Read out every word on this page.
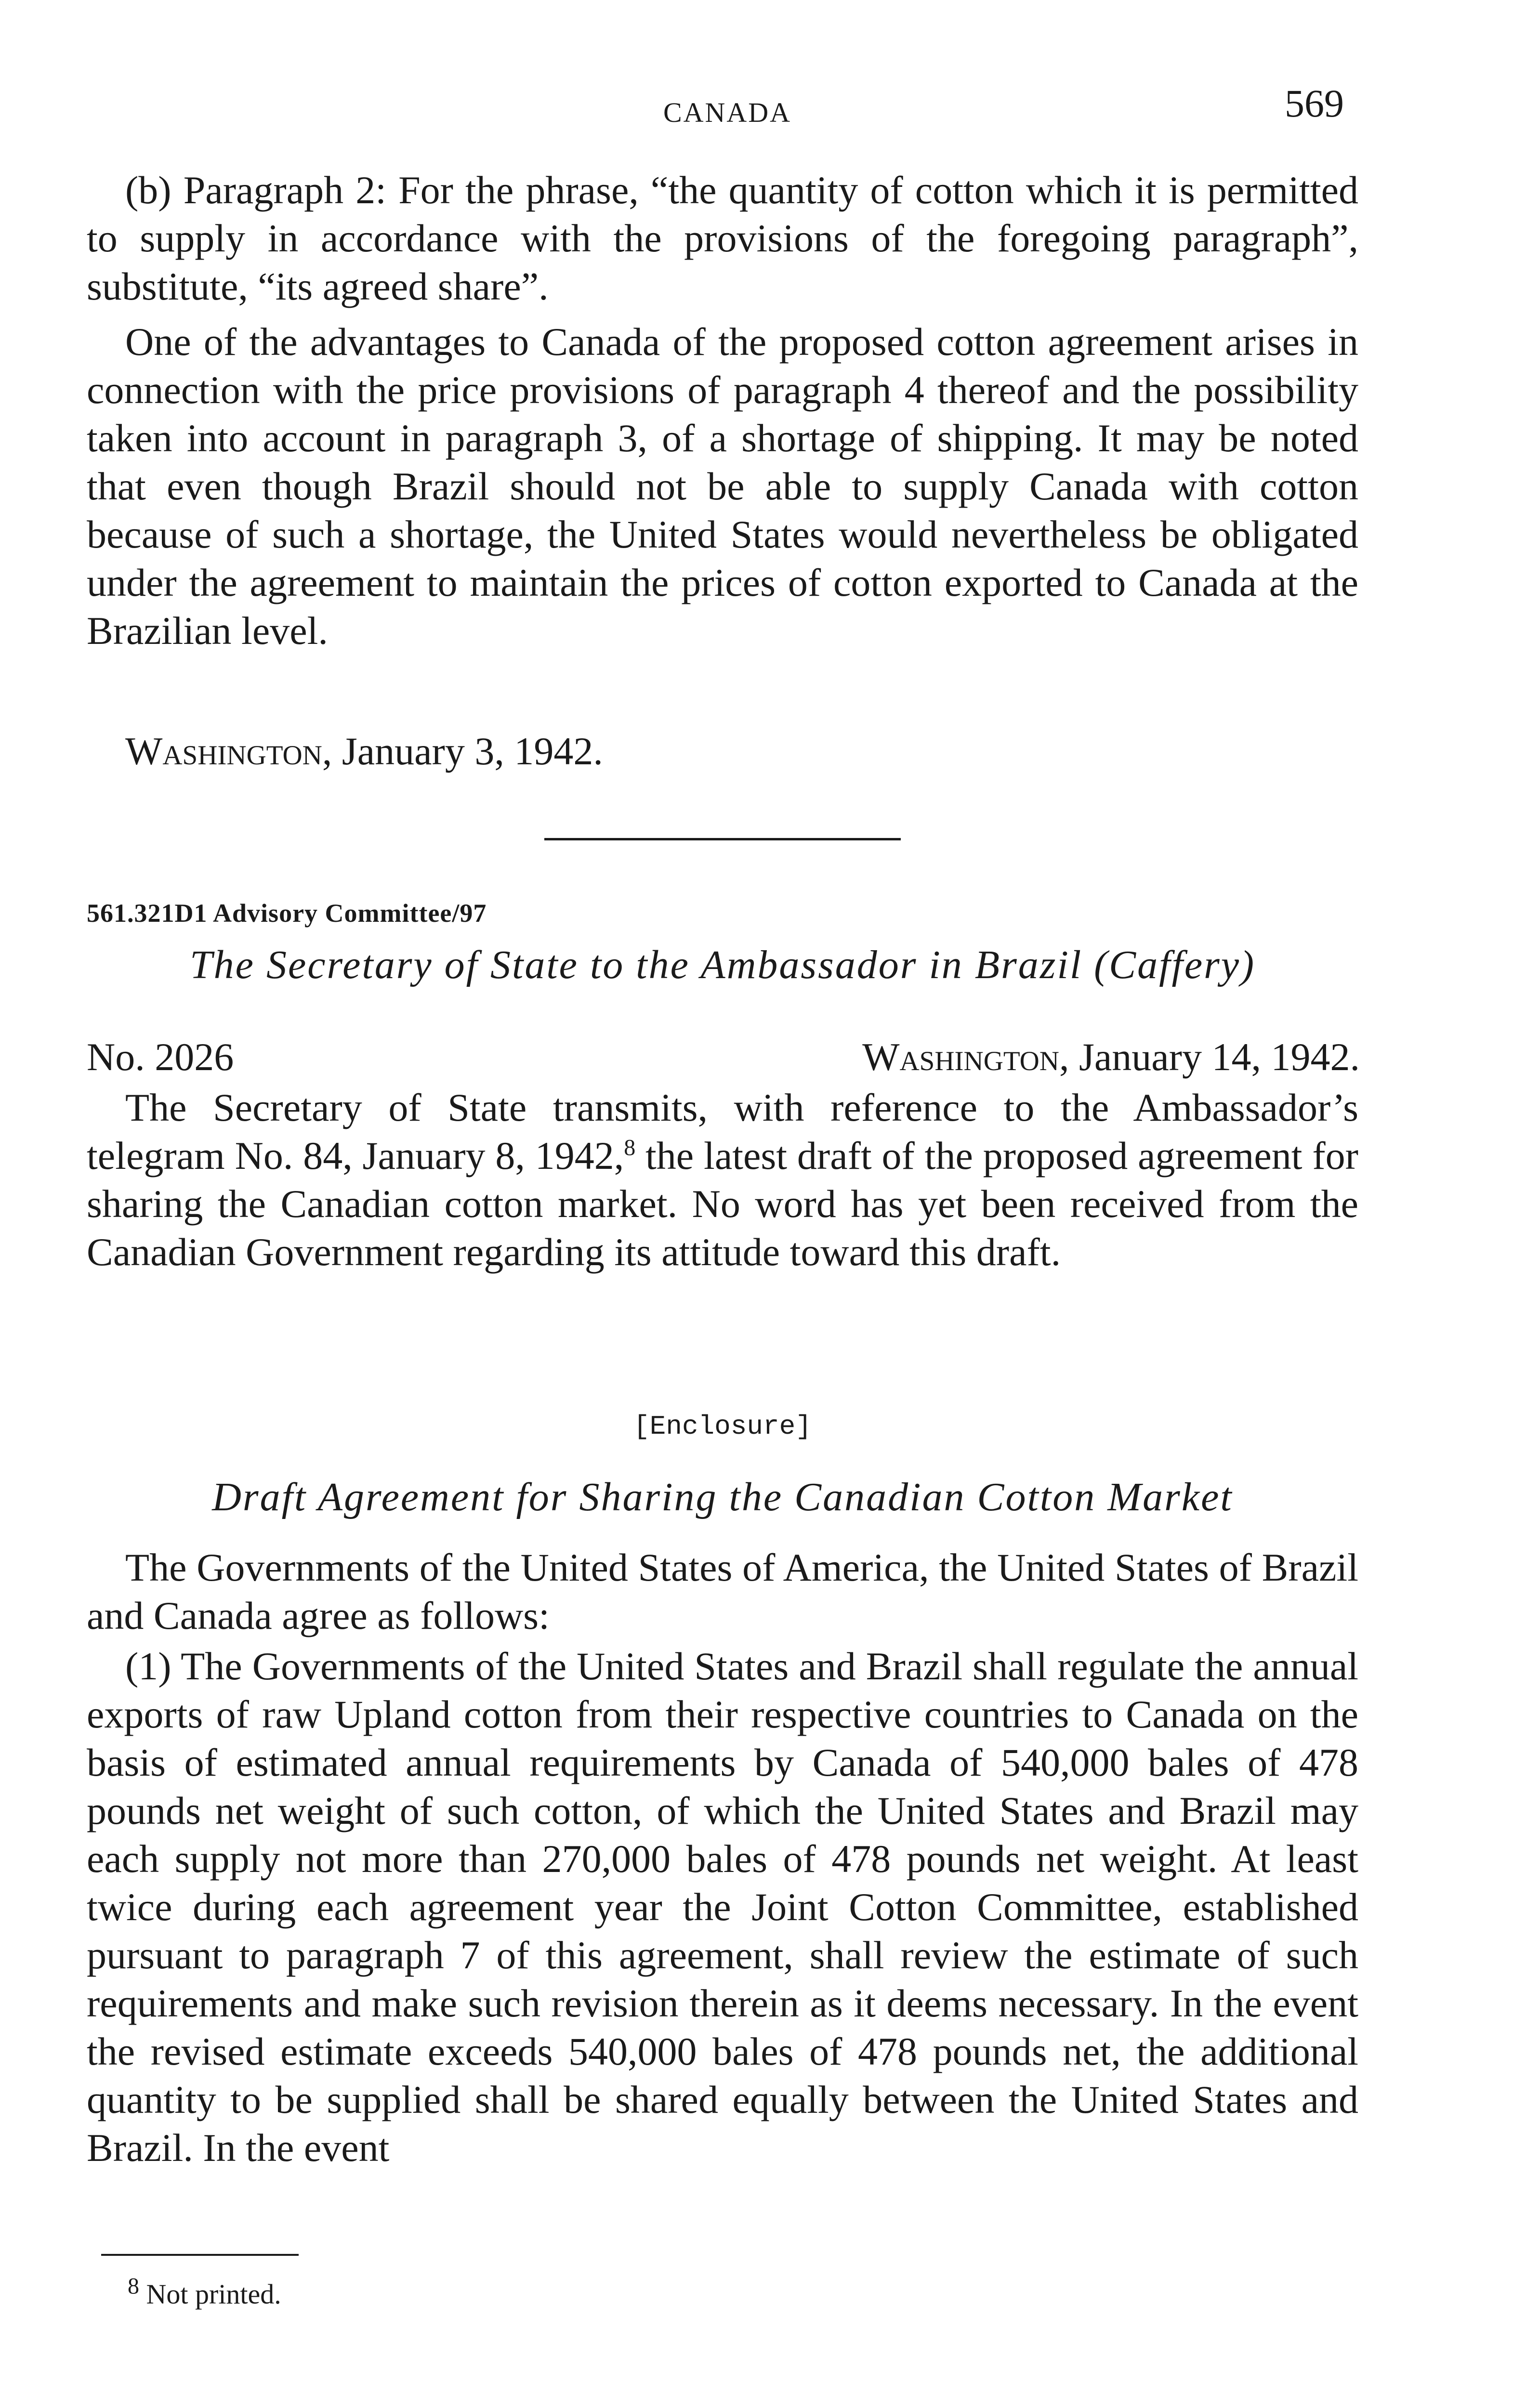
CANADA	569

(b) Paragraph 2: For the phrase, “the quantity of cotton which it is permitted to supply in accordance with the provisions of the foregoing paragraph”, substitute, “its agreed share”.

One of the advantages to Canada of the proposed cotton agreement arises in connection with the price provisions of paragraph 4 thereof and the possibility taken into account in paragraph 3, of a shortage of shipping. It may be noted that even though Brazil should not be able to supply Canada with cotton because of such a shortage, the United States would nevertheless be obligated under the agreement to maintain the prices of cotton exported to Canada at the Brazilian level.

Washington, January 3, 1942.
561.321D1 Advisory Committee/97
The Secretary of State to the Ambassador in Brazil (Caffery)
No. 2026	Washington, January 14, 1942.

The Secretary of State transmits, with reference to the Ambassador’s telegram No. 84, January 8, 1942,$^8$ the latest draft of the proposed agreement for sharing the Canadian cotton market. No word has yet been received from the Canadian Government regarding its attitude toward this draft.

[Enclosure]
Draft Agreement for Sharing the Canadian Cotton Market

The Governments of the United States of America, the United States of Brazil and Canada agree as follows:

(1) The Governments of the United States and Brazil shall regulate the annual exports of raw Upland cotton from their respective countries to Canada on the basis of estimated annual requirements by Canada of 540,000 bales of 478 pounds net weight of such cotton, of which the United States and Brazil may each supply not more than 270,000 bales of 478 pounds net weight. At least twice during each agreement year the Joint Cotton Committee, established pursuant to paragraph 7 of this agreement, shall review the estimate of such requirements and make such revision therein as it deems necessary. In the event the revised estimate exceeds 540,000 bales of 478 pounds net, the additional quantity to be supplied shall be shared equally between the United States and Brazil. In the event

$^8$ Not printed.
